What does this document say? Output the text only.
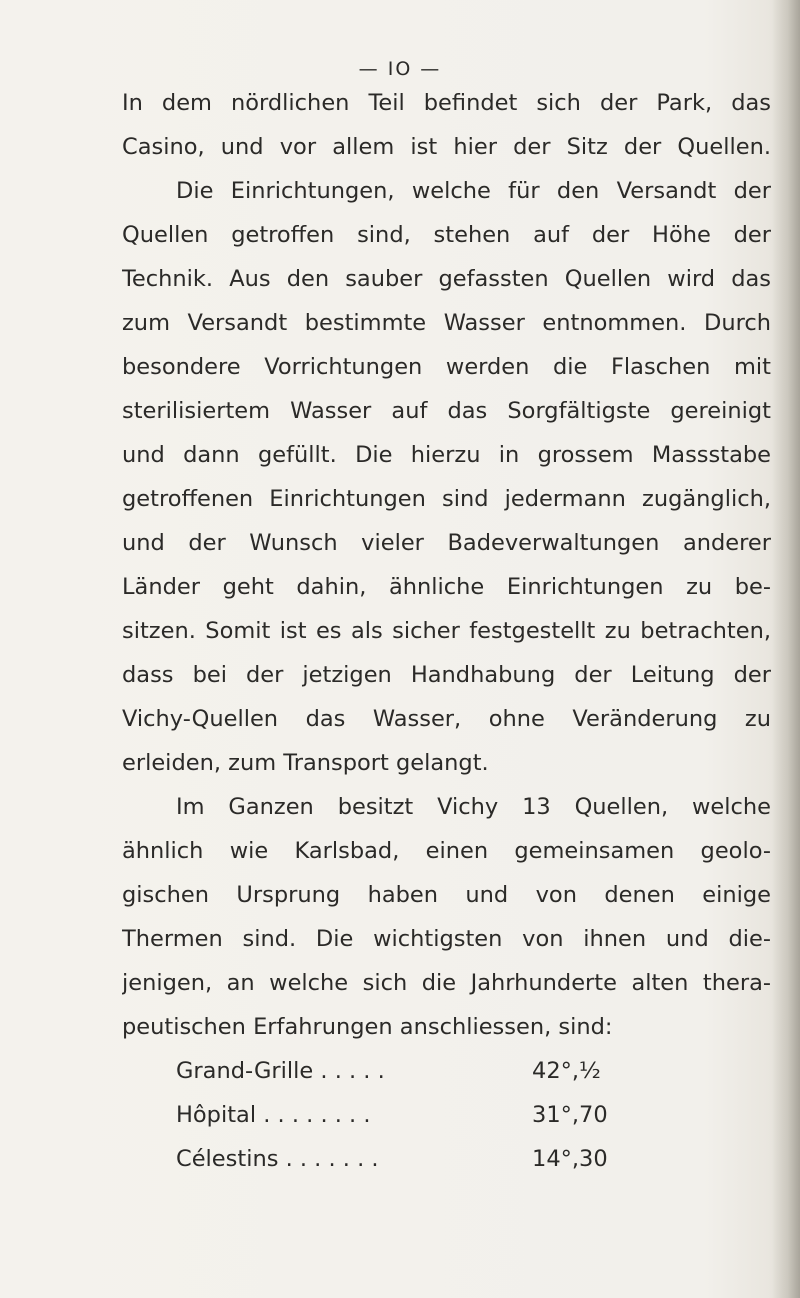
— IO —
In dem nördlichen Teil befindet sich der Park, das
Casino, und vor allem ist hier der Sitz der Quellen.
Die Einrichtungen, welche für den Versandt der
Quellen getroffen sind, stehen auf der Höhe der
Technik. Aus den sauber gefassten Quellen wird das
zum Versandt bestimmte Wasser entnommen. Durch
besondere Vorrichtungen werden die Flaschen mit
sterilisiertem Wasser auf das Sorgfältigste gereinigt
und dann gefüllt. Die hierzu in grossem Massstabe
getroffenen Einrichtungen sind jedermann zugänglich,
und der Wunsch vieler Badeverwaltungen anderer
Länder geht dahin, ähnliche Einrichtungen zu be-
sitzen. Somit ist es als sicher festgestellt zu betrachten,
dass bei der jetzigen Handhabung der Leitung der
Vichy-Quellen das Wasser, ohne Veränderung zu
erleiden, zum Transport gelangt.
Im Ganzen besitzt Vichy 13 Quellen, welche
ähnlich wie Karlsbad, einen gemeinsamen geolo-
gischen Ursprung haben und von denen einige
Thermen sind. Die wichtigsten von ihnen und die-
jenigen, an welche sich die Jahrhunderte alten thera-
peutischen Erfahrungen anschliessen, sind:
Grand-Grille . . . . .	42°,½
Hôpital . . . . . . . .	31°,70
Célestins . . . . . . .	14°,30
